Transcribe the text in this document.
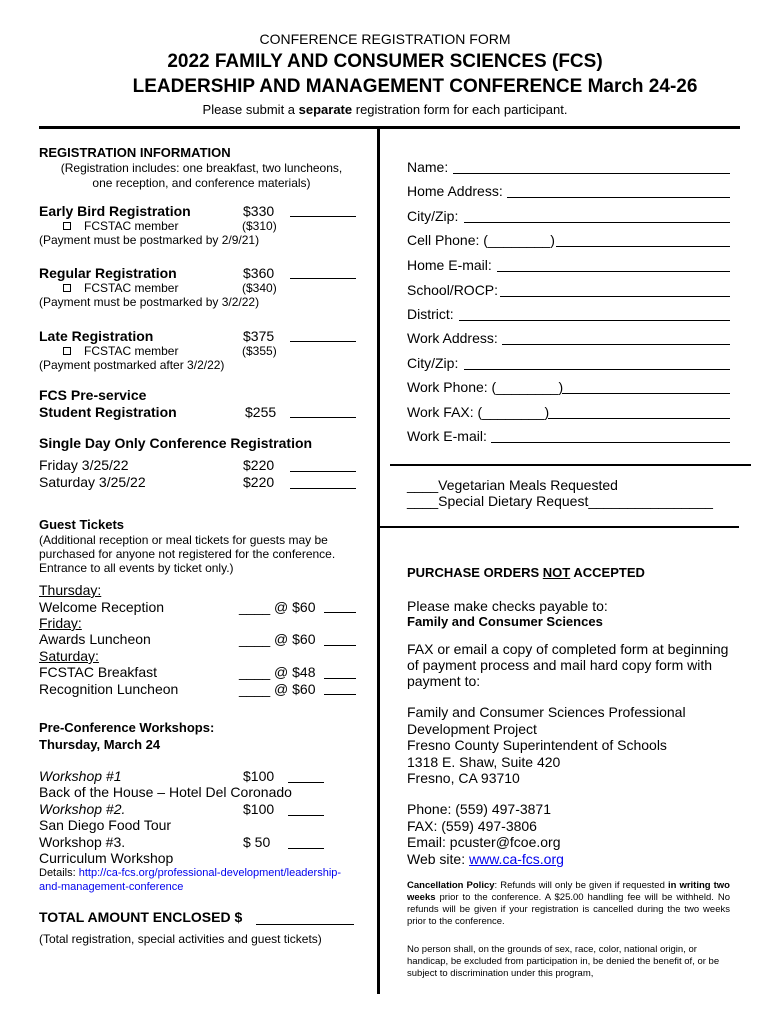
CONFERENCE REGISTRATION FORM
2022 FAMILY AND CONSUMER SCIENCES (FCS)
LEADERSHIP AND MANAGEMENT CONFERENCE March 24-26
Please submit a separate registration form for each participant.
REGISTRATION INFORMATION
(Registration includes: one breakfast, two luncheons,
one reception, and conference materials)
Early Bird Registration	$330
FCSTAC member	($310)
(Payment must be postmarked by 2/9/21)
Regular Registration	$360
FCSTAC member	($340)
(Payment must be postmarked by 3/2/22)
Late Registration	$375
FCSTAC member	($355)
(Payment postmarked after 3/2/22)
FCS Pre-service
Student Registration	$255
Single Day Only Conference Registration
Friday 3/25/22	$220
Saturday 3/25/22	$220
Guest Tickets
(Additional reception or meal tickets for guests may be
purchased for anyone not registered for the conference.
Entrance to all events by ticket only.)
Thursday:
Welcome Reception	____ @ $60
Friday:
Awards Luncheon	____ @ $60
Saturday:
FCSTAC Breakfast	____ @ $48
Recognition Luncheon	____ @ $60
Pre-Conference Workshops:
Thursday, March 24
Workshop #1	$100
Back of the House – Hotel Del Coronado
Workshop #2.	$100
San Diego Food Tour
Workshop #3.	$ 50
Curriculum Workshop
Details: http://ca-fcs.org/professional-development/leadership-
and-management-conference
TOTAL AMOUNT ENCLOSED $
(Total registration, special activities and guest tickets)
Name:
Home Address:
City/Zip:
Cell Phone: (________)
Home E-mail:
School/ROCP:
District:
Work Address:
City/Zip:
Work Phone: (________)
Work FAX: (________)
Work E-mail:
____Vegetarian Meals Requested
____Special Dietary Request________________
PURCHASE ORDERS NOT ACCEPTED
Please make checks payable to:
Family and Consumer Sciences
FAX or email a copy of completed form at beginning
of payment process and mail hard copy form with
payment to:
Family and Consumer Sciences Professional
Development Project
Fresno County Superintendent of Schools
1318 E. Shaw, Suite 420
Fresno, CA 93710
Phone: (559) 497-3871
FAX: (559) 497-3806
Email: pcuster@fcoe.org
Web site: www.ca-fcs.org
Cancellation Policy: Refunds will only be given if requested in writing two weeks prior to the conference. A $25.00 handling fee will be withheld. No refunds will be given if your registration is cancelled during the two weeks prior to the conference.
No person shall, on the grounds of sex, race, color, national origin, or handicap, be excluded from participation in, be denied the benefit of, or be subject to discrimination under this program,
